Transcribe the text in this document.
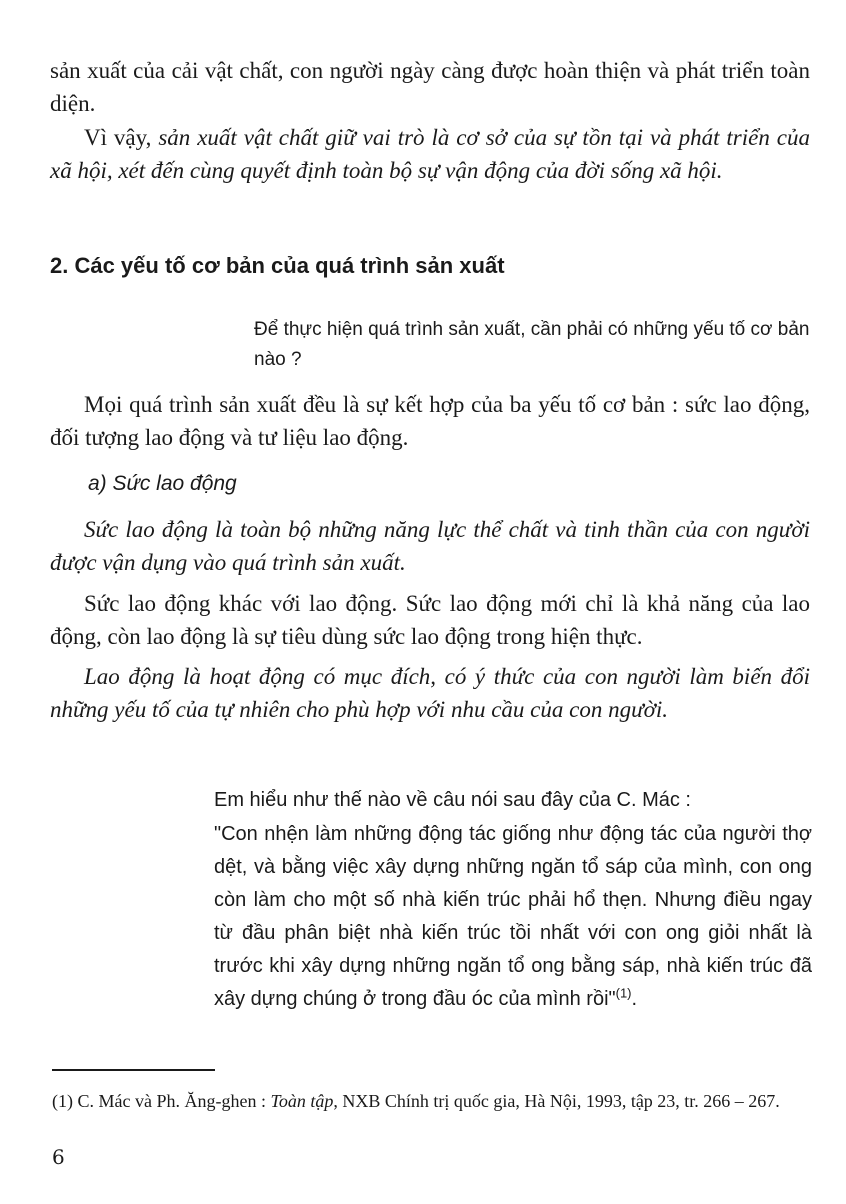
sản xuất của cải vật chất, con người ngày càng được hoàn thiện và phát triển toàn diện.

Vì vậy, sản xuất vật chất giữ vai trò là cơ sở của sự tồn tại và phát triển của xã hội, xét đến cùng quyết định toàn bộ sự vận động của đời sống xã hội.

2. Các yếu tố cơ bản của quá trình sản xuất

Để thực hiện quá trình sản xuất, cần phải có những yếu tố cơ bản nào ?

Mọi quá trình sản xuất đều là sự kết hợp của ba yếu tố cơ bản : sức lao động, đối tượng lao động và tư liệu lao động.

a) Sức lao động

Sức lao động là toàn bộ những năng lực thể chất và tinh thần của con người được vận dụng vào quá trình sản xuất.

Sức lao động khác với lao động. Sức lao động mới chỉ là khả năng của lao động, còn lao động là sự tiêu dùng sức lao động trong hiện thực.

Lao động là hoạt động có mục đích, có ý thức của con người làm biến đổi những yếu tố của tự nhiên cho phù hợp với nhu cầu của con người.

Em hiểu như thế nào về câu nói sau đây của C. Mác :

"Con nhện làm những động tác giống như động tác của người thợ dệt, và bằng việc xây dựng những ngăn tổ sáp của mình, con ong còn làm cho một số nhà kiến trúc phải hổ thẹn. Nhưng điều ngay từ đầu phân biệt nhà kiến trúc tồi nhất với con ong giỏi nhất là trước khi xây dựng những ngăn tổ ong bằng sáp, nhà kiến trúc đã xây dựng chúng ở trong đầu óc của mình rồi"$^{(1)}$.

(1) C. Mác và Ph. Ăng-ghen : Toàn tập, NXB Chính trị quốc gia, Hà Nội, 1993, tập 23, tr. 266 – 267.

6
